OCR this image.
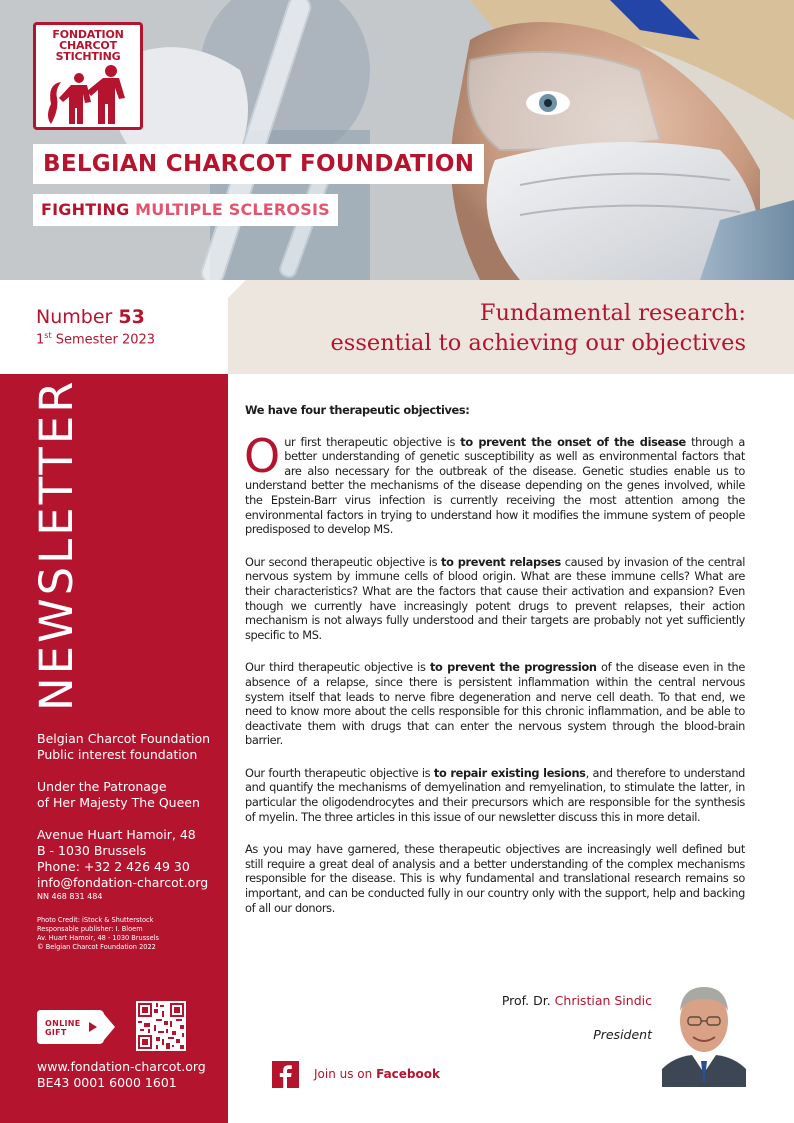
FONDATION
CHARCOT
STICHTING
BELGIAN CHARCOT FOUNDATION
FIGHTING MULTIPLE SCLEROSIS
Number 53
1st Semester 2023
Fundamental research:
essential to achieving our objectives
NEWSLETTER
Belgian Charcot Foundation
Public interest foundation
Under the Patronage
of Her Majesty The Queen
Avenue Huart Hamoir, 48
B - 1030 Brussels
Phone: +32 2 426 49 30
info@fondation-charcot.org
NN 468 831 484
Photo Credit: iStock & Shutterstock
Responsable publisher: I. Bloem
Av. Huart Hamoir, 48 - 1030 Brussels
© Belgian Charcot Foundation 2022
ONLINE
GIFT
www.fondation-charcot.org
BE43 0001 6000 1601

We have four therapeutic objectives:

Our first therapeutic objective is to prevent the onset of the disease through a better understanding of genetic susceptibility as well as environmental factors that are also necessary for the outbreak of the disease. Genetic studies enable us to understand better the mechanisms of the disease depending on the genes involved, while the Epstein-Barr virus infection is currently receiving the most attention among the environmental factors in trying to understand how it modifies the immune system of people predisposed to develop MS.

Our second therapeutic objective is to prevent relapses caused by invasion of the central nervous system by immune cells of blood origin. What are these immune cells? What are their characteristics? What are the factors that cause their activation and expansion? Even though we currently have increasingly potent drugs to prevent relapses, their action mechanism is not always fully understood and their targets are probably not yet sufficiently specific to MS.

Our third therapeutic objective is to prevent the progression of the disease even in the absence of a relapse, since there is persistent inflammation within the central nervous system itself that leads to nerve fibre degeneration and nerve cell death. To that end, we need to know more about the cells responsible for this chronic inflammation, and be able to deactivate them with drugs that can enter the nervous system through the blood-brain barrier.

Our fourth therapeutic objective is to repair existing lesions, and therefore to understand and quantify the mechanisms of demyelination and remyelination, to stimulate the latter, in particular the oligodendrocytes and their precursors which are responsible for the synthesis of myelin. The three articles in this issue of our newsletter discuss this in more detail.

As you may have garnered, these therapeutic objectives are increasingly well defined but still require a great deal of analysis and a better understanding of the complex mechanisms responsible for the disease. This is why fundamental and translational research remains so important, and can be conducted fully in our country only with the support, help and backing of all our donors.

Prof. Dr. Christian Sindic
President
Join us on Facebook
